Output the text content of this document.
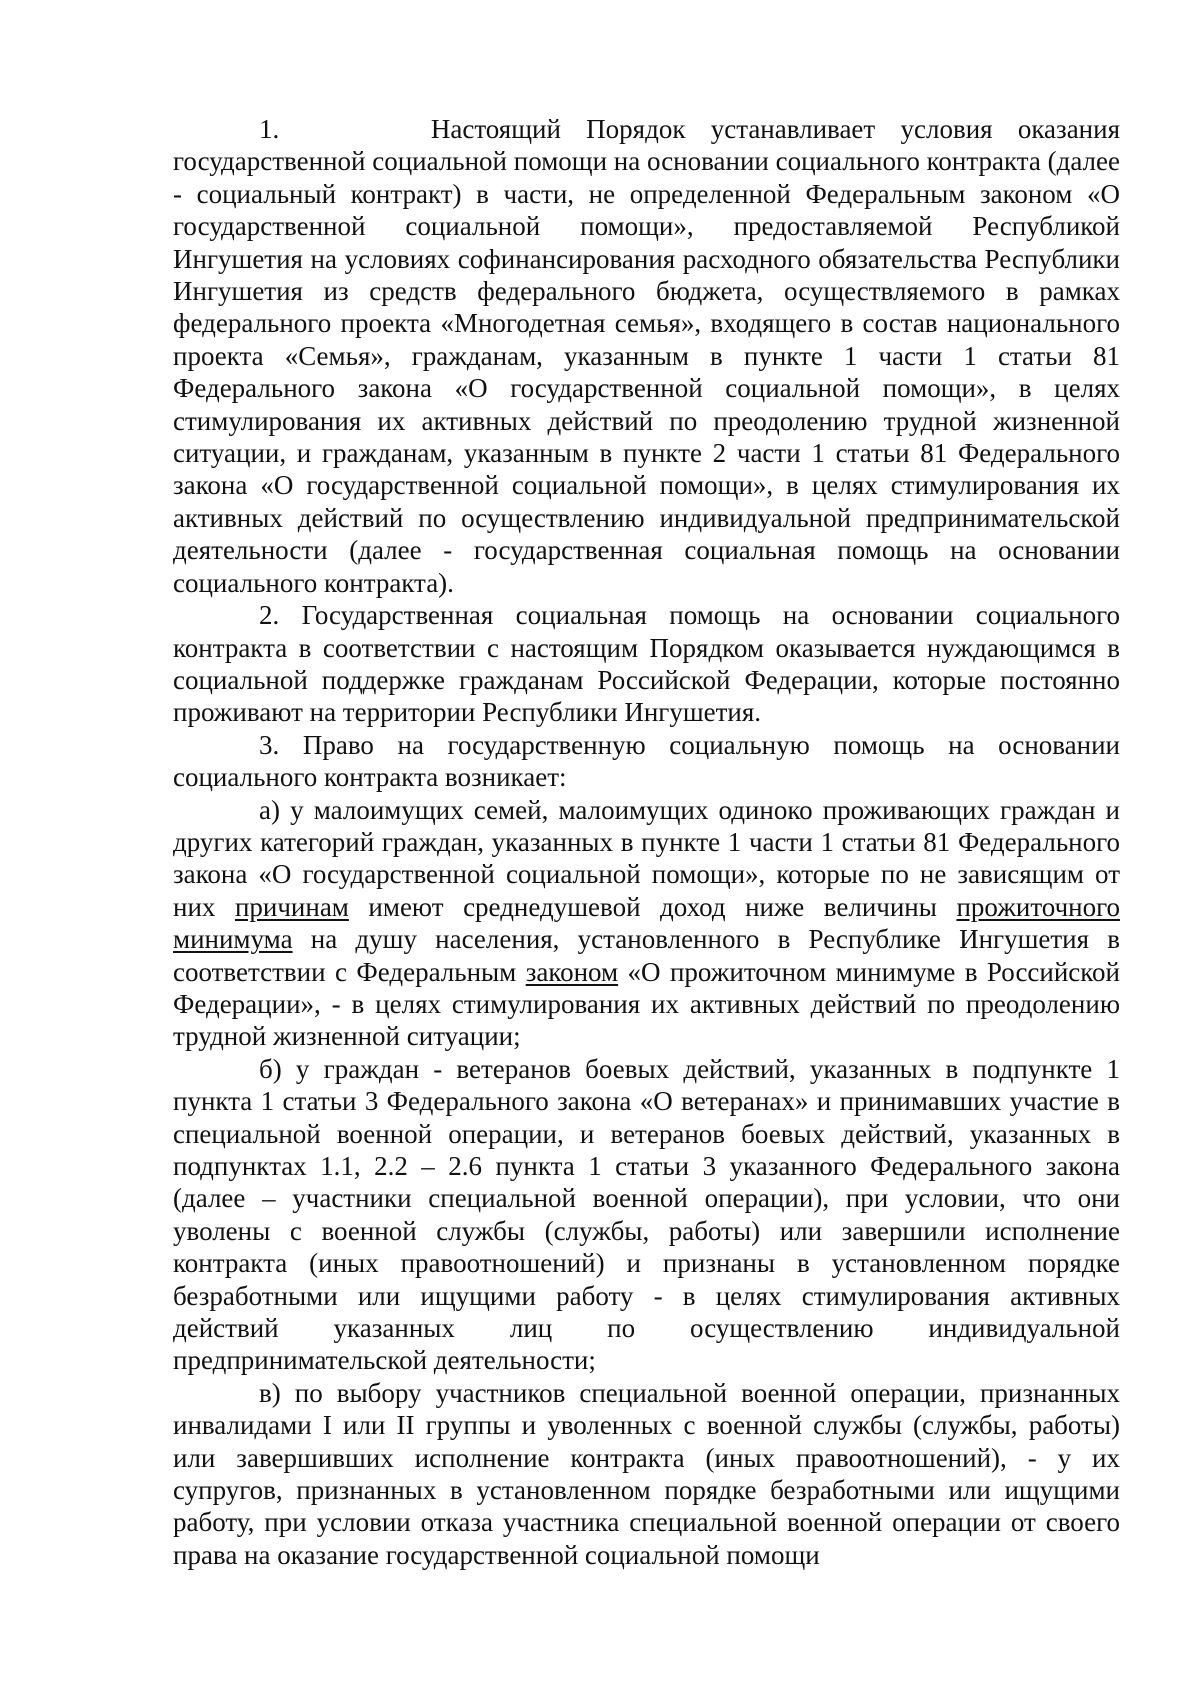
1.      Настоящий Порядок устанавливает условия оказания государственной социальной помощи на основании социального контракта (далее - социальный контракт) в части, не определенной Федеральным законом «О государственной социальной помощи», предоставляемой Республикой Ингушетия на условиях софинансирования расходного обязательства Республики Ингушетия из средств федерального бюджета, осуществляемого в рамках федерального проекта «Многодетная семья», входящего в состав национального проекта «Семья», гражданам, указанным в пункте 1 части 1 статьи 81 Федерального закона «О государственной социальной помощи», в целях стимулирования их активных действий по преодолению трудной жизненной ситуации, и гражданам, указанным в пункте 2 части 1 статьи 81 Федерального закона «О государственной социальной помощи», в целях стимулирования их активных действий по осуществлению индивидуальной предпринимательской деятельности (далее - государственная социальная помощь на основании социального контракта).

2. Государственная социальная помощь на основании социального контракта в соответствии с настоящим Порядком оказывается нуждающимся в социальной поддержке гражданам Российской Федерации, которые постоянно проживают на территории Республики Ингушетия.

3. Право на государственную социальную помощь на основании социального контракта возникает:

а) у малоимущих семей, малоимущих одиноко проживающих граждан и других категорий граждан, указанных в пункте 1 части 1 статьи 81 Федерального закона «О государственной социальной помощи», которые по не зависящим от них причинам имеют среднедушевой доход ниже величины прожиточного минимума на душу населения, установленного в Республике Ингушетия в соответствии с Федеральным законом «О прожиточном минимуме в Российской Федерации», - в целях стимулирования их активных действий по преодолению трудной жизненной ситуации;

б) у граждан - ветеранов боевых действий, указанных в подпункте 1 пункта 1 статьи 3 Федерального закона «О ветеранах» и принимавших участие в специальной военной операции, и ветеранов боевых действий, указанных в подпунктах 1.1, 2.2 – 2.6 пункта 1 статьи 3 указанного Федерального закона (далее – участники специальной военной операции), при условии, что они уволены с военной службы (службы, работы) или завершили исполнение контракта (иных правоотношений) и признаны в установленном порядке безработными или ищущими работу - в целях стимулирования активных действий указанных лиц по осуществлению индивидуальной предпринимательской деятельности;

в) по выбору участников специальной военной операции, признанных инвалидами I или II группы и уволенных с военной службы (службы, работы) или завершивших исполнение контракта (иных правоотношений), - у их супругов, признанных в установленном порядке безработными или ищущими работу, при условии отказа участника специальной военной операции от своего права на оказание государственной социальной помощи
